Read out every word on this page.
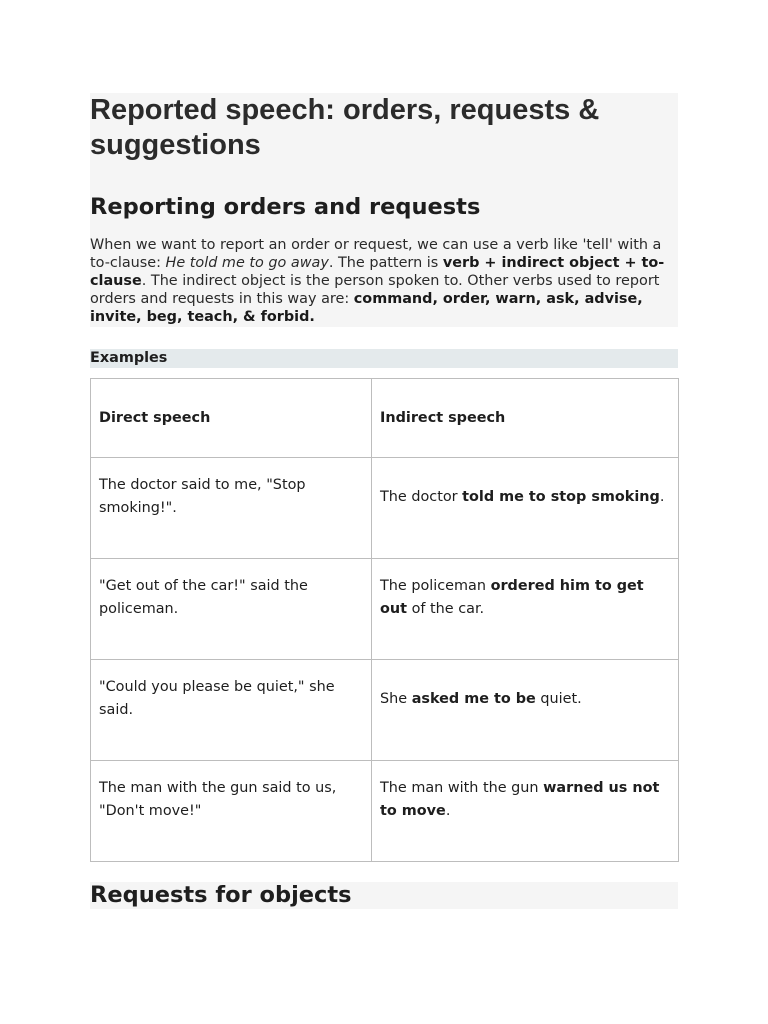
Reported speech: orders, requests & suggestions
Reporting orders and requests

When we want to report an order or request, we can use a verb like 'tell' with a to-clause: He told me to go away. The pattern is verb + indirect object + to-clause. The indirect object is the person spoken to. Other verbs used to report orders and requests in this way are: command, order, warn, ask, advise, invite, beg, teach, & forbid.

Examples

Direct speech	Indirect speech

The doctor said to me, "Stop smoking!".	The doctor told me to stop smoking.

"Get out of the car!" said the policeman.	The policeman ordered him to get out of the car.

"Could you please be quiet," she said.	She asked me to be quiet.

The man with the gun said to us, "Don't move!"	The man with the gun warned us not to move.
Requests for objects
